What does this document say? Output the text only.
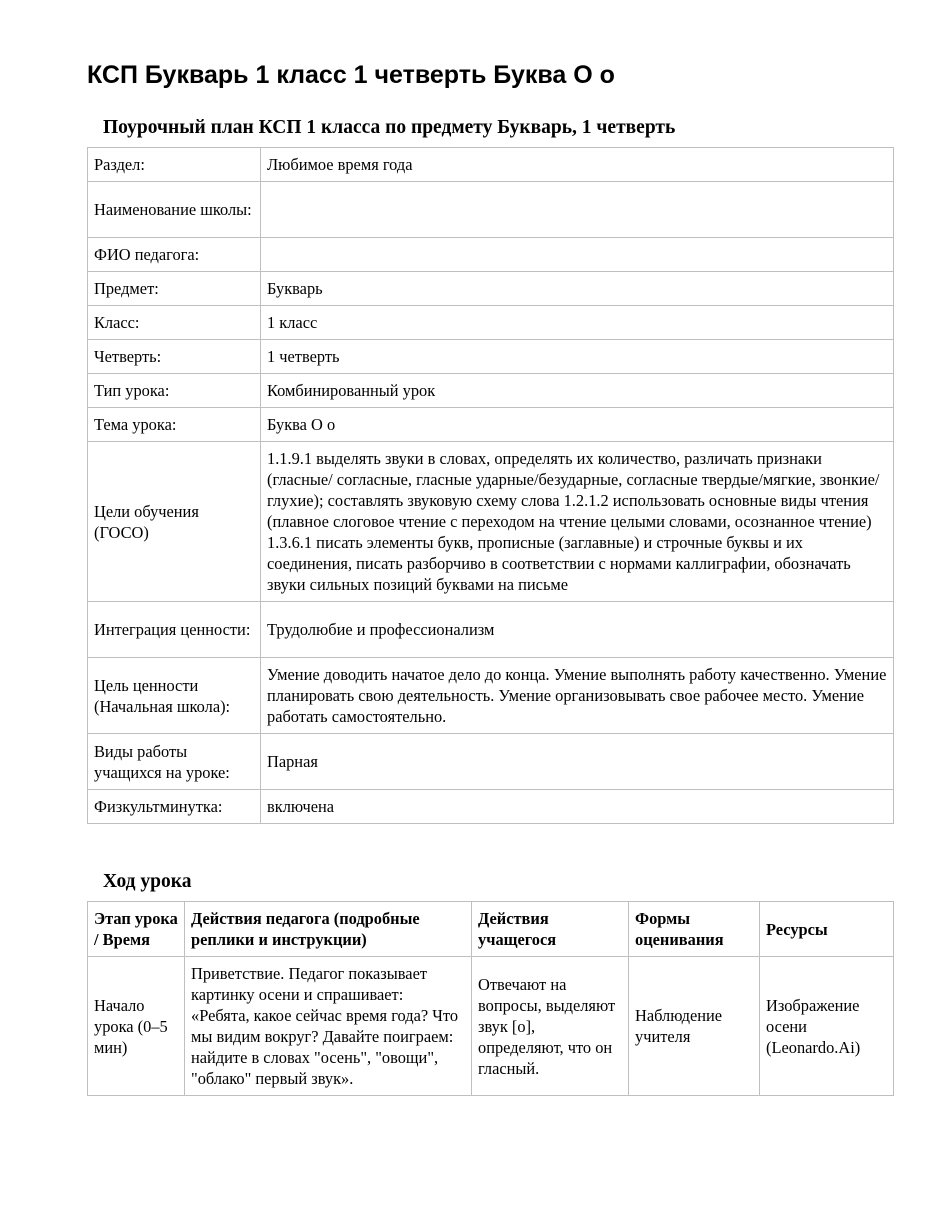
КСП Букварь 1 класс 1 четверть Буква О о
Поурочный план КСП 1 класса по предмету Букварь, 1 четверть
Раздел:	Любимое время года
Наименование школы:	
ФИО педагога:	
Предмет:	Букварь
Класс:	1 класс
Четверть:	1 четверть
Тип урока:	Комбинированный урок
Тема урока:	Буква О о
Цели обучения (ГОСО)	1.1.9.1 выделять звуки в словах, определять их количество, различать признаки (гласные/ согласные, гласные ударные/безударные, согласные твердые/мягкие, звонкие/глухие); составлять звуковую схему слова 1.2.1.2 использовать основные виды чтения (плавное слоговое чтение с переходом на чтение целыми словами, осознанное чтение) 1.3.6.1 писать элементы букв, прописные (заглавные) и строчные буквы и их соединения, писать разборчиво в соответствии с нормами каллиграфии, обозначать звуки сильных позиций буквами на письме
Интеграция ценности:	Трудолюбие и профессионализм
Цель ценности (Начальная школа):	Умение доводить начатое дело до конца. Умение выполнять работу качественно. Умение планировать свою деятельность. Умение организовывать свое рабочее место. Умение работать самостоятельно.
Виды работы учащихся на уроке:	Парная
Физкультминутка:	включена
Ход урока
Этап урока / Время	Действия педагога (подробные реплики и инструкции)	Действия учащегося	Формы оценивания	Ресурсы
Начало урока (0–5 мин)	Приветствие. Педагог показывает картинку осени и спрашивает: «Ребята, какое сейчас время года? Что мы видим вокруг? Давайте поиграем: найдите в словах "осень", "овощи", "облако" первый звук».	Отвечают на вопросы, выделяют звук [о], определяют, что он гласный.	Наблюдение учителя	Изображение осени (Leonardo.Ai)
